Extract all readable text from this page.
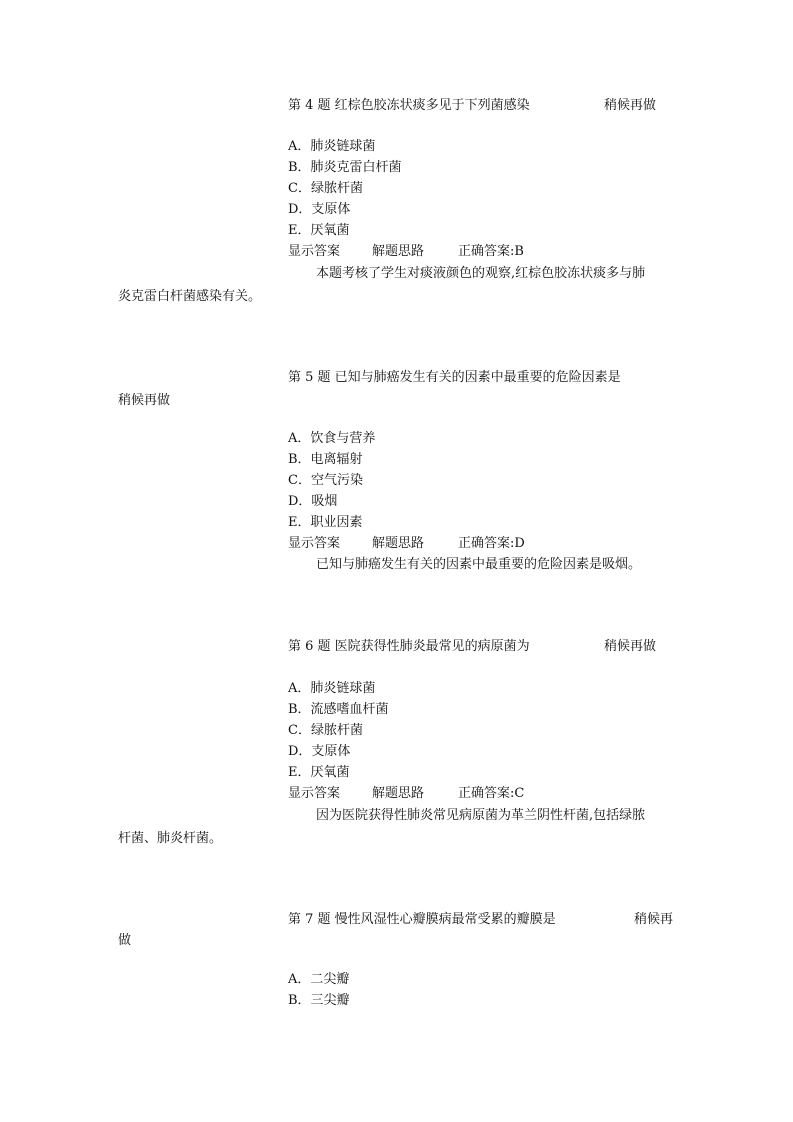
第 4 题 红棕色胶冻状痰多见于下列菌感染	稍候再做
A．肺炎链球菌
B．肺炎克雷白杆菌
C．绿脓杆菌
D．支原体
E．厌氧菌
显示答案 解题思路	正确答案:B
本题考核了学生对痰液颜色的观察,红棕色胶冻状痰多与肺
炎克雷白杆菌感染有关。
第 5 题 已知与肺癌发生有关的因素中最重要的危险因素是
稍候再做
A．饮食与营养
B．电离辐射
C．空气污染
D．吸烟
E．职业因素
显示答案 解题思路	正确答案:D
已知与肺癌发生有关的因素中最重要的危险因素是吸烟。
第 6 题 医院获得性肺炎最常见的病原菌为	稍候再做
A．肺炎链球菌
B．流感嗜血杆菌
C．绿脓杆菌
D．支原体
E．厌氧菌
显示答案 解题思路	正确答案:C
因为医院获得性肺炎常见病原菌为革兰阴性杆菌,包括绿脓
杆菌、肺炎杆菌。
第 7 题 慢性风湿性心瓣膜病最常受累的瓣膜是	稍候再
做
A．二尖瓣
B．三尖瓣
